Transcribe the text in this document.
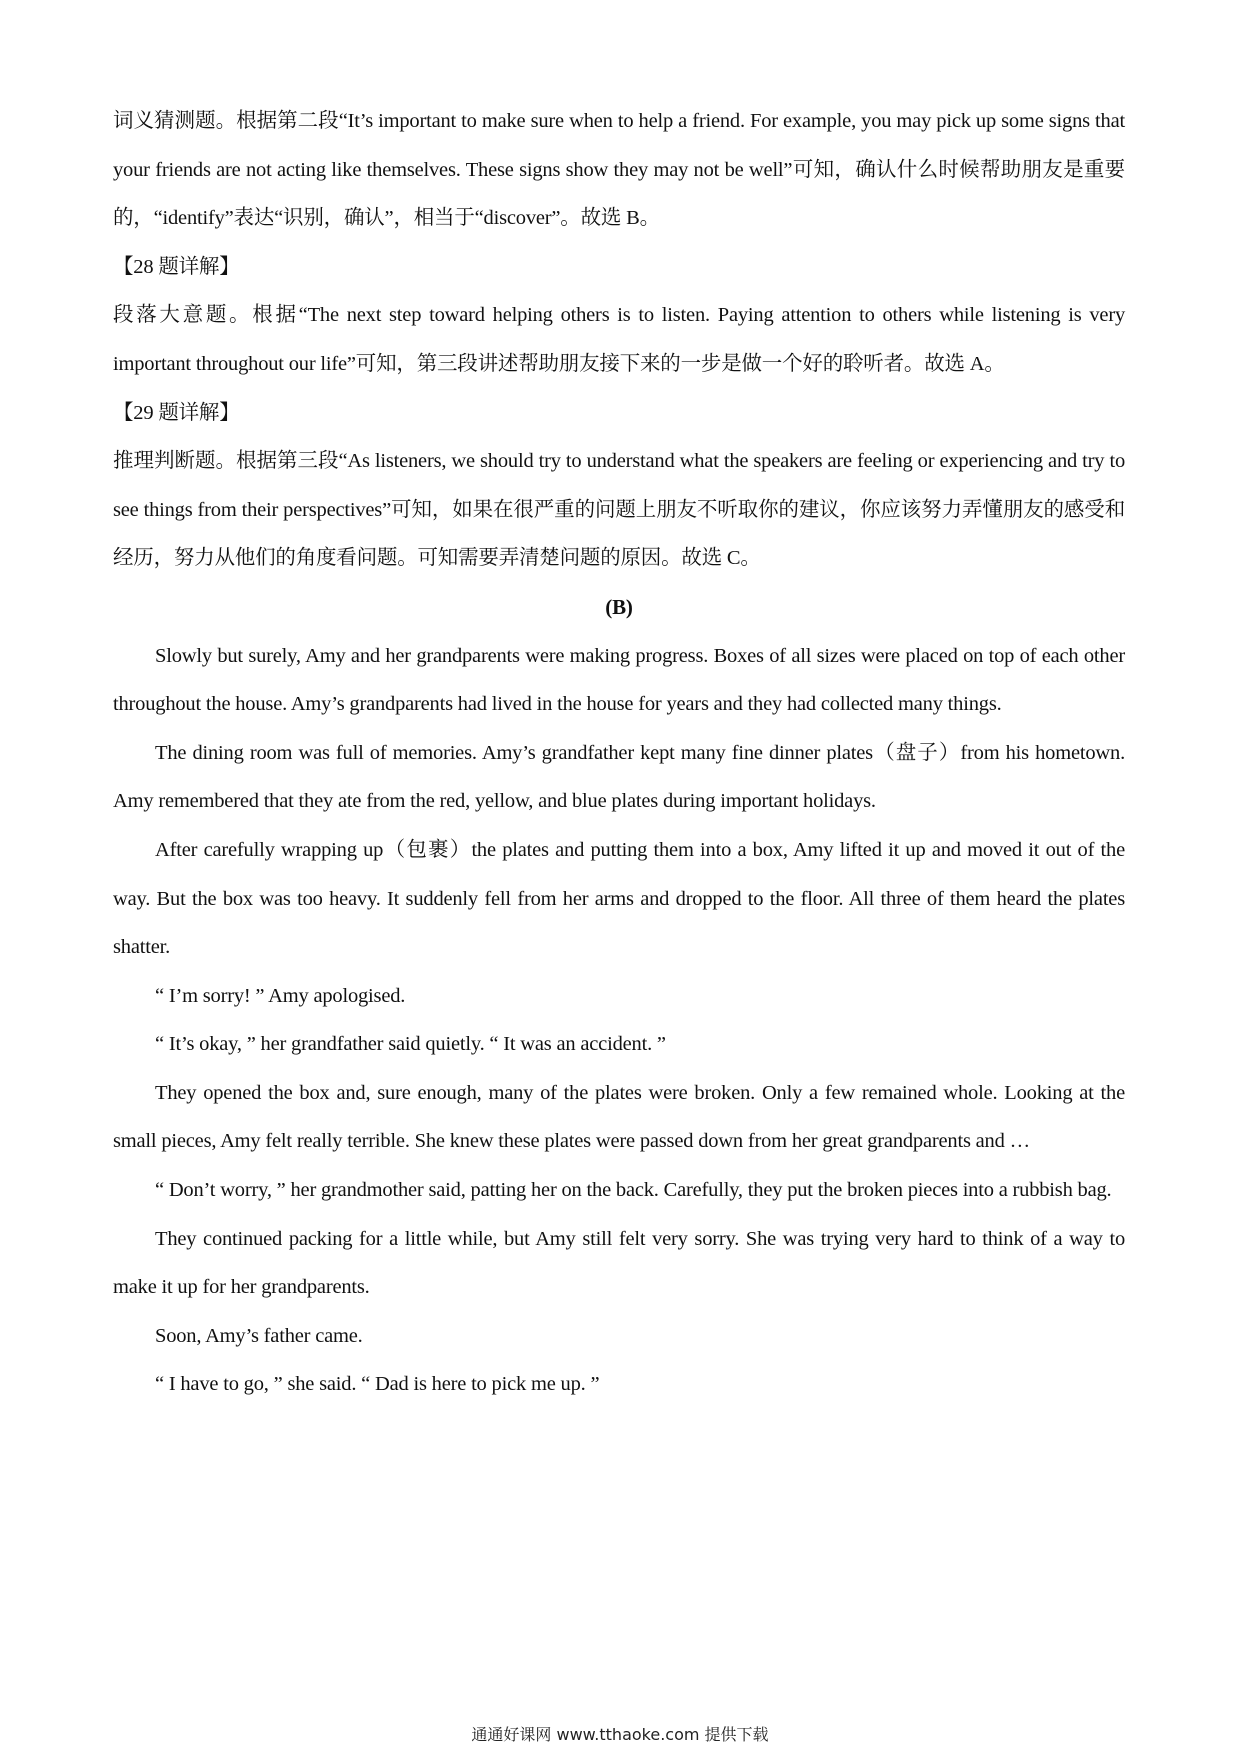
词义猜测题。根据第二段“It’s important to make sure when to help a friend. For example, you may pick up some signs that your friends are not acting like themselves. These signs show they may not be well”可知，确认什么时候帮助朋友是重要的，“identify”表达“识别，确认”，相当于“discover”。故选 B。

【28 题详解】

段落大意题。根据“The next step toward helping others is to listen. Paying attention to others while listening is very important throughout our life”可知，第三段讲述帮助朋友接下来的一步是做一个好的聆听者。故选 A。

【29 题详解】

推理判断题。根据第三段“As listeners, we should try to understand what the speakers are feeling or experiencing and try to see things from their perspectives”可知，如果在很严重的问题上朋友不听取你的建议，你应该努力弄懂朋友的感受和经历，努力从他们的角度看问题。可知需要弄清楚问题的原因。故选 C。

(B)

Slowly but surely, Amy and her grandparents were making progress. Boxes of all sizes were placed on top of each other throughout the house. Amy’s grandparents had lived in the house for years and they had collected many things.

The dining room was full of memories. Amy’s grandfather kept many fine dinner plates（盘子）from his hometown. Amy remembered that they ate from the red, yellow, and blue plates during important holidays.

After carefully wrapping up（包裹）the plates and putting them into a box, Amy lifted it up and moved it out of the way. But the box was too heavy. It suddenly fell from her arms and dropped to the floor. All three of them heard the plates shatter.

“ I’m sorry! ” Amy apologised.

“ It’s okay, ” her grandfather said quietly. “ It was an accident. ”

They opened the box and, sure enough, many of the plates were broken. Only a few remained whole. Looking at the small pieces, Amy felt really terrible. She knew these plates were passed down from her great grandparents and …

“ Don’t worry, ” her grandmother said, patting her on the back. Carefully, they put the broken pieces into a rubbish bag.

They continued packing for a little while, but Amy still felt very sorry. She was trying very hard to think of a way to make it up for her grandparents.

Soon, Amy’s father came.

“ I have to go, ” she said. “ Dad is here to pick me up. ”

通通好课网 www.tthaoke.com 提供下载
